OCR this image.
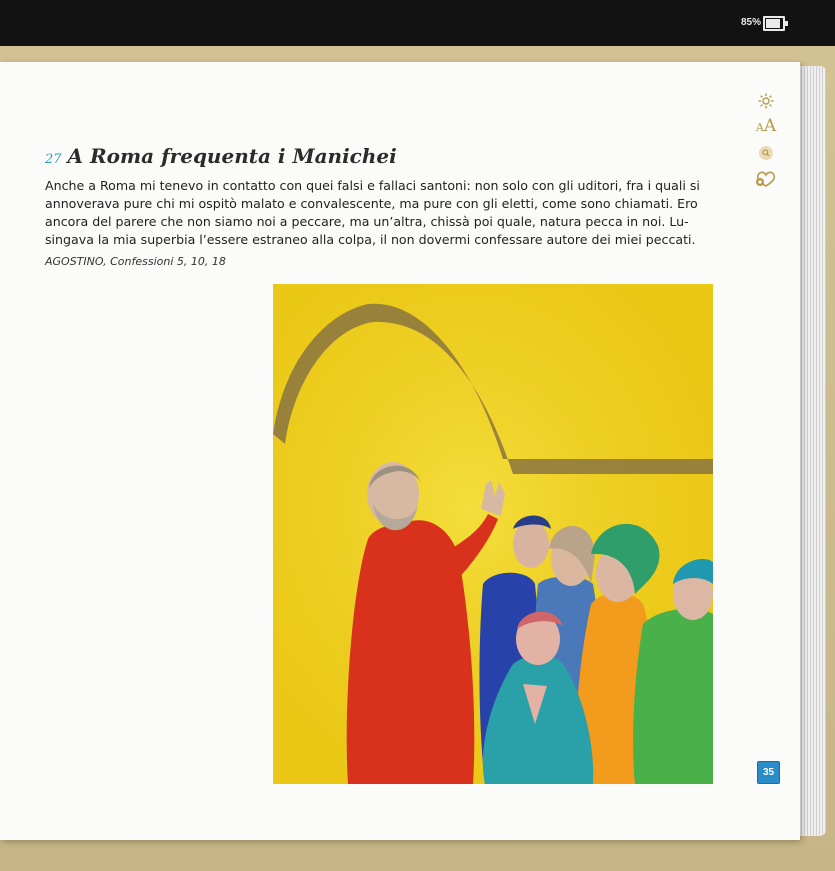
85%
AA
27 A Roma frequenta i Manichei
Anche a Roma mi tenevo in contatto con quei falsi e fallaci santoni: non solo con gli uditori, fra i quali si
annoverava pure chi mi ospitò malato e convalescente, ma pure con gli eletti, come sono chiamati. Ero
ancora del parere che non siamo noi a peccare, ma un’altra, chissà poi quale, natura pecca in noi. Lu-
singava la mia superbia l’essere estraneo alla colpa, il non dovermi confessare autore dei miei peccati.
AGOSTINO, Confessioni 5, 10, 18
35
